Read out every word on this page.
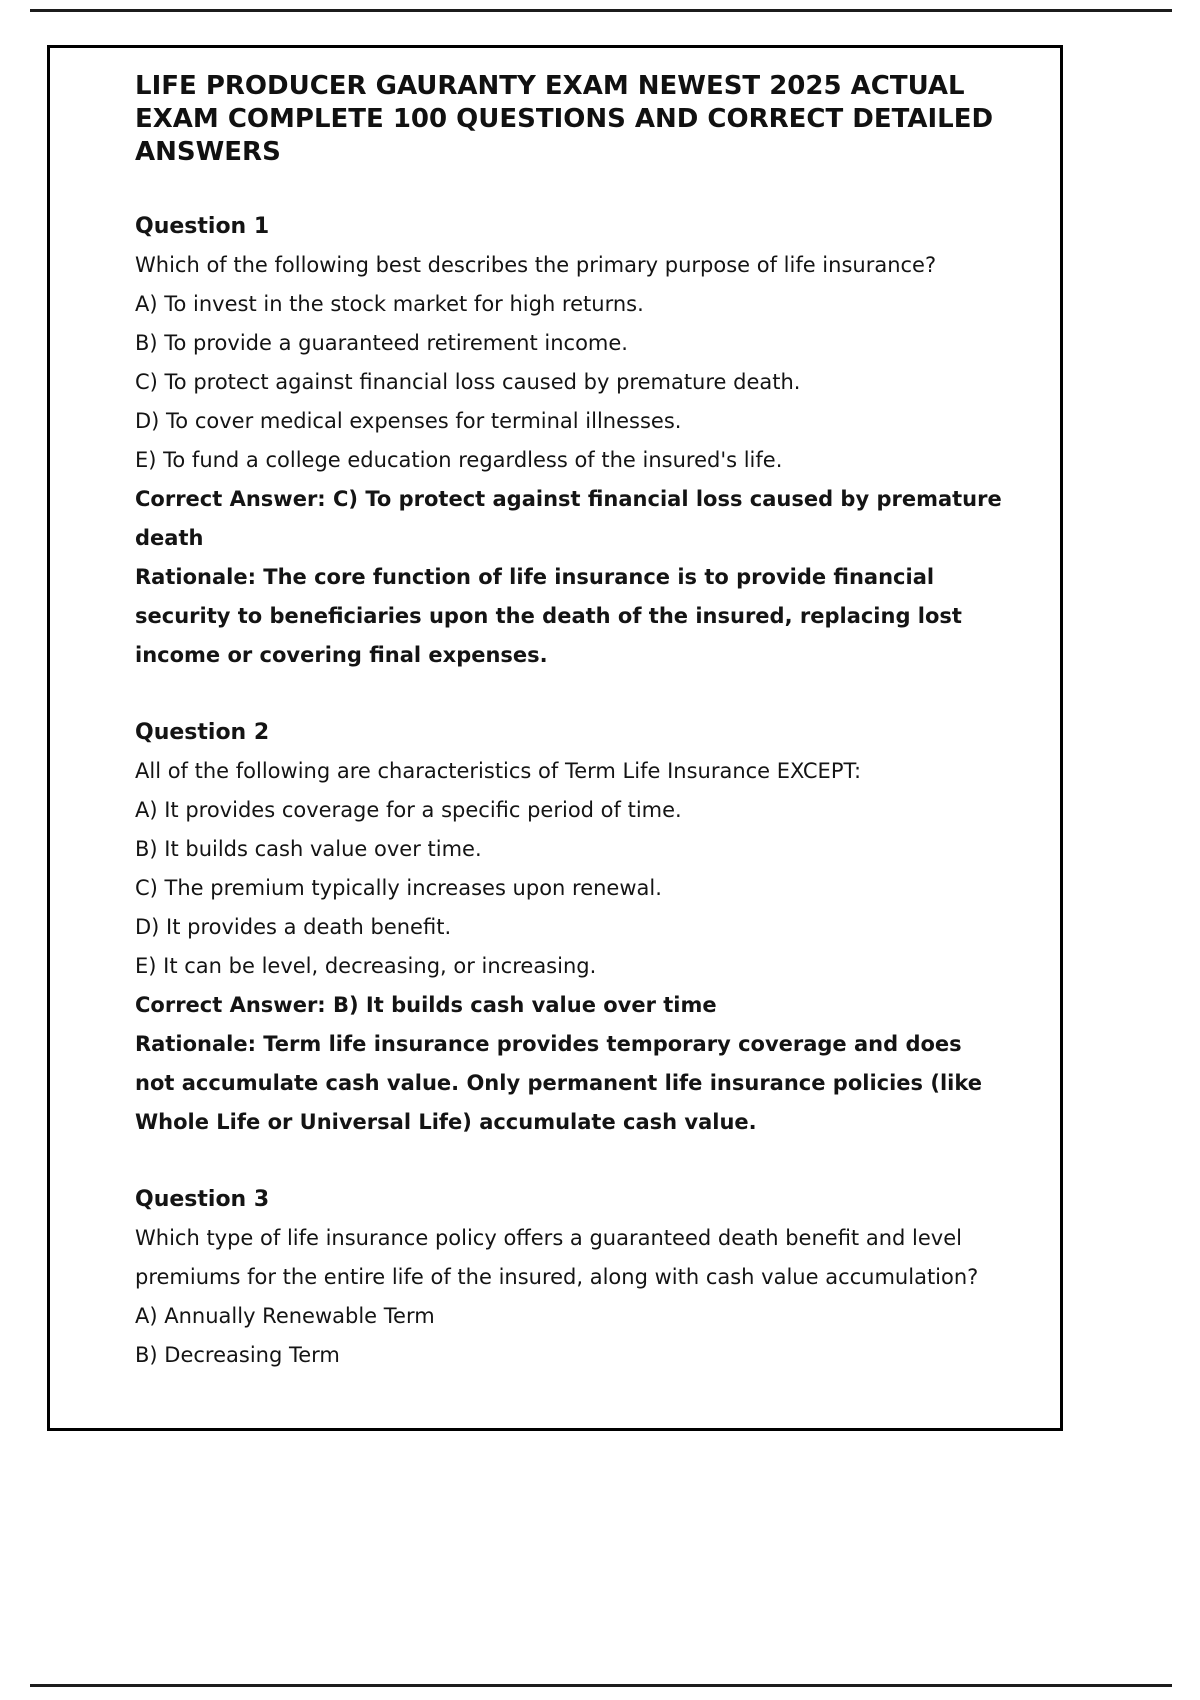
LIFE PRODUCER GAURANTY EXAM NEWEST 2025 ACTUAL EXAM COMPLETE 100 QUESTIONS AND CORRECT DETAILED ANSWERS

Question 1

Which of the following best describes the primary purpose of life insurance?

A) To invest in the stock market for high returns.

B) To provide a guaranteed retirement income.

C) To protect against financial loss caused by premature death.

D) To cover medical expenses for terminal illnesses.

E) To fund a college education regardless of the insured's life.

Correct Answer: C) To protect against financial loss caused by premature death

Rationale: The core function of life insurance is to provide financial security to beneficiaries upon the death of the insured, replacing lost income or covering final expenses.

Question 2

All of the following are characteristics of Term Life Insurance EXCEPT:

A) It provides coverage for a specific period of time.

B) It builds cash value over time.

C) The premium typically increases upon renewal.

D) It provides a death benefit.

E) It can be level, decreasing, or increasing.

Correct Answer: B) It builds cash value over time

Rationale: Term life insurance provides temporary coverage and does not accumulate cash value. Only permanent life insurance policies (like Whole Life or Universal Life) accumulate cash value.

Question 3

Which type of life insurance policy offers a guaranteed death benefit and level premiums for the entire life of the insured, along with cash value accumulation?

A) Annually Renewable Term

B) Decreasing Term
